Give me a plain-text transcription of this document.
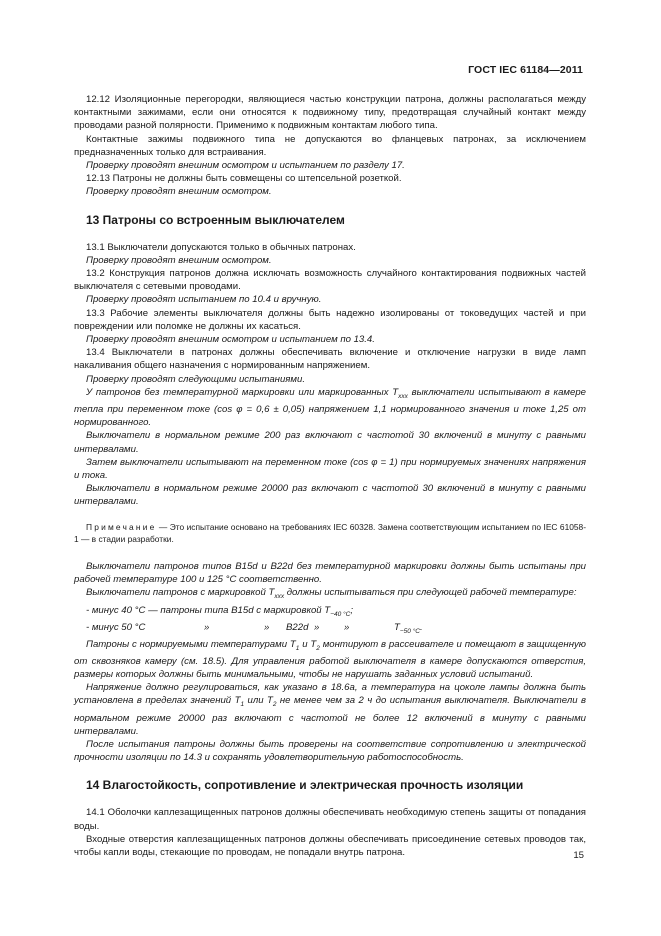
ГОСТ IEC 61184—2011

12.12 Изоляционные перегородки, являющиеся частью конструкции патрона, должны располагаться между контактными зажимами, если они относятся к подвижному типу, предотвращая случайный контакт между проводами разной полярности. Применимо к подвижным контактам любого типа.

Контактные зажимы подвижного типа не допускаются во фланцевых патронах, за исключением предназначенных только для встраивания.

Проверку проводят внешним осмотром и испытанием по разделу 17.

12.13 Патроны не должны быть совмещены со штепсельной розеткой.

Проверку проводят внешним осмотром.

13 Патроны со встроенным выключателем

13.1 Выключатели допускаются только в обычных патронах.

Проверку проводят внешним осмотром.

13.2 Конструкция патронов должна исключать возможность случайного контактирования подвижных частей выключателя с сетевыми проводами.

Проверку проводят испытанием по 10.4 и вручную.

13.3 Рабочие элементы выключателя должны быть надежно изолированы от токоведущих частей и при повреждении или поломке не должны их касаться.

Проверку проводят внешним осмотром и испытанием по 13.4.

13.4 Выключатели в патронах должны обеспечивать включение и отключение нагрузки в виде ламп накаливания общего назначения с нормированным напряжением.

Проверку проводят следующими испытаниями.

У патронов без температурной маркировки или маркированных $T_{xxx}$ выключатели испытывают в камере тепла при переменном токе (cos φ = 0,6 ± 0,05) напряжением 1,1 нормированного значения и токе 1,25 от нормированного.

Выключатели в нормальном режиме 200 раз включают с частотой 30 включений в минуту с равными интервалами.

Затем выключатели испытывают на переменном токе (cos φ = 1) при нормируемых значениях напряжения и тока.

Выключатели в нормальном режиме 20000 раз включают с частотой 30 включений в минуту с равными интервалами.

Примечание — Это испытание основано на требованиях IEC 60328. Замена соответствующим испытанием по IEC 61058-1 — в стадии разработки.

Выключатели патронов типов B15d и B22d без температурной маркировки должны быть испытаны при рабочей температуре 100 и 125 °С соответственно.

Выключатели патронов с маркировкой $T_{xxx}$ должны испытываться при следующей рабочей температуре:

- минус 40 °С — патроны типа B15d с маркировкой $T_{-40 ^\circ С}$;

- минус 50 °С	»	» B22d »	»	$T_{-50 ^\circ С}$.

Патроны с нормируемыми температурами $T_1$ и $T_2$ монтируют в рассеивателе и помещают в защищенную от сквозняков камеру (см. 18.5). Для управления работой выключателя в камере допускаются отверстия, размеры которых должны быть минимальными, чтобы не нарушать заданных условий испытаний.

Напряжение должно регулироваться, как указано в 18.6а, а температура на цоколе лампы должна быть установлена в пределах значений $T_1$ или $T_2$ не менее чем за 2 ч до испытания выключателя. Выключатели в нормальном режиме 20000 раз включают с частотой не более 12 включений в минуту с равными интервалами.

После испытания патроны должны быть проверены на соответствие сопротивлению и электрической прочности изоляции по 14.3 и сохранять удовлетворительную работоспособность.

14 Влагостойкость, сопротивление и электрическая прочность изоляции

14.1 Оболочки каплезащищенных патронов должны обеспечивать необходимую степень защиты от попадания воды.

Входные отверстия каплезащищенных патронов должны обеспечивать присоединение сетевых проводов так, чтобы капли воды, стекающие по проводам, не попадали внутрь патрона.	15
